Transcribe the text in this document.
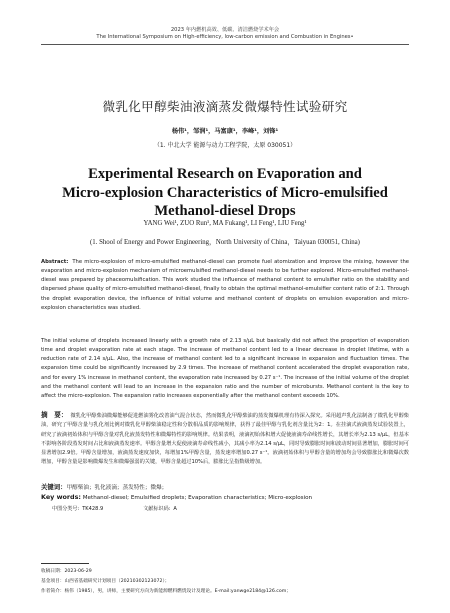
2023 年内燃机高效、低碳、清洁燃烧学术年会
The International Symposium on High-efficiency, low-carbon emission and Combustion in Engines•
微乳化甲醇柴油液滴蒸发微爆特性试验研究
杨伟¹，邹润¹，马富康¹，李峰¹，刘锋¹
（1. 中北大学 能源与动力工程学院，太原 030051）
Experimental Research on Evaporation and
Micro-explosion Characteristics of Micro-emulsified
Methanol-diesel Drops
YANG Wei¹, ZUO Run¹, MA Fukang¹, LI Feng¹, LIU Feng¹
(1. Shool of Energy and Power Engineering，North University of China，Taiyuan 030051, China)

Abstract: The micro-explosion of micro-emulsified methanol-diesel can promote fuel atomization and improve the mixing, however the evaporation and micro-explosion mechanism of microemulsified methanol-diesel needs to be further explored. Micro-emulsified methanol-diesel was prepared by phaceomulsification. This work studied the influence of methanol content to emulsifier ratio on the stability and dispersed phase quality of micro-emulsified methanol-diesel, finally to obtain the optimal methanol-emulsifier content ratio of 2:1. Through the droplet evaporation device, the influence of initial volume and methanol content of droplets on emulsion evaporation and micro-explosion characteristics was studied.

The initial volume of droplets increased linearly with a growth rate of 2.13 s/μL but basically did not affect the proportion of evaporation time and droplet evaporation rate at each stage. The increase of methanol content led to a linear decrease in droplet lifetime, with a reduction rate of 2.14 s/μL. Also, the increase of methanol content led to a significant increase in expansion and fluctuation times. The expansion time could be significantly increased by 2.9 times. The increase of methanol content accelerated the droplet evaporation rate, and for every 1% increase in methanol content, the evaporation rate increased by 0.27 s⁻¹. The increase of the initial volume of the droplet and the methanol content will lead to an increase in the expansion ratio and the number of microbursts. Methanol content is the key to affect the micro-explosion. The expansion ratio increases exponentially after the methanol content exceeds 10%.

摘　要： 微乳化甲醇柴油微爆能够促进燃油雾化改善油气混合状态，然而微乳化甲醇柴油的蒸发微爆机理有待深入探究。采用超声乳化法制备了微乳化甲醇柴油，研究了甲醇含量与乳化剂比例对微乳化甲醇柴油稳定性和分散相品质的影响规律，获得了最佳甲醇与乳化剂含量比为2：1。在挂滴式液滴蒸发试验装置上，研究了液滴初始体积与甲醇含量对乳化液蒸发特性和微爆特性的影响规律。结果表明，液滴初始体积增大促使液滴寿命线性增长，其增长率为2.13 s/μL，但基本不影响各阶段蒸发时间占比和液滴蒸发速率。甲醇含量增大促使液滴寿命线性减小，其减小率为2.14 s/μL，同时导致膨胀时间和波动时间显著增加，膨胀时间可显著增加2.9倍。甲醇含量增加，液滴蒸发速度加快，每增加1%甲醇含量，蒸发速率增加0.27 s⁻¹。液滴初始体积与甲醇含量的增加均会导致膨胀比和微爆次数增加，甲醇含量是影响微爆发生和微爆强弱的关键，甲醇含量超过10%后，膨胀比呈指数级增加。

关键词：甲醇柴油；乳化液滴；蒸发特性；微爆；
Key words: Methanol-diesel; Emulsified droplets; Evaporation characteristics; Micro-explosion
中图分类号: TK428.9	文献标识码: A
收稿日期：2023-06-29
基金项目：山西省基础研究计划项目（20210302123072）；
作者简介：杨伟（1985），男，讲师，主要研究方向为新能源燃料燃烧设计及理论。E-mail:yanwge2184@126.com；
